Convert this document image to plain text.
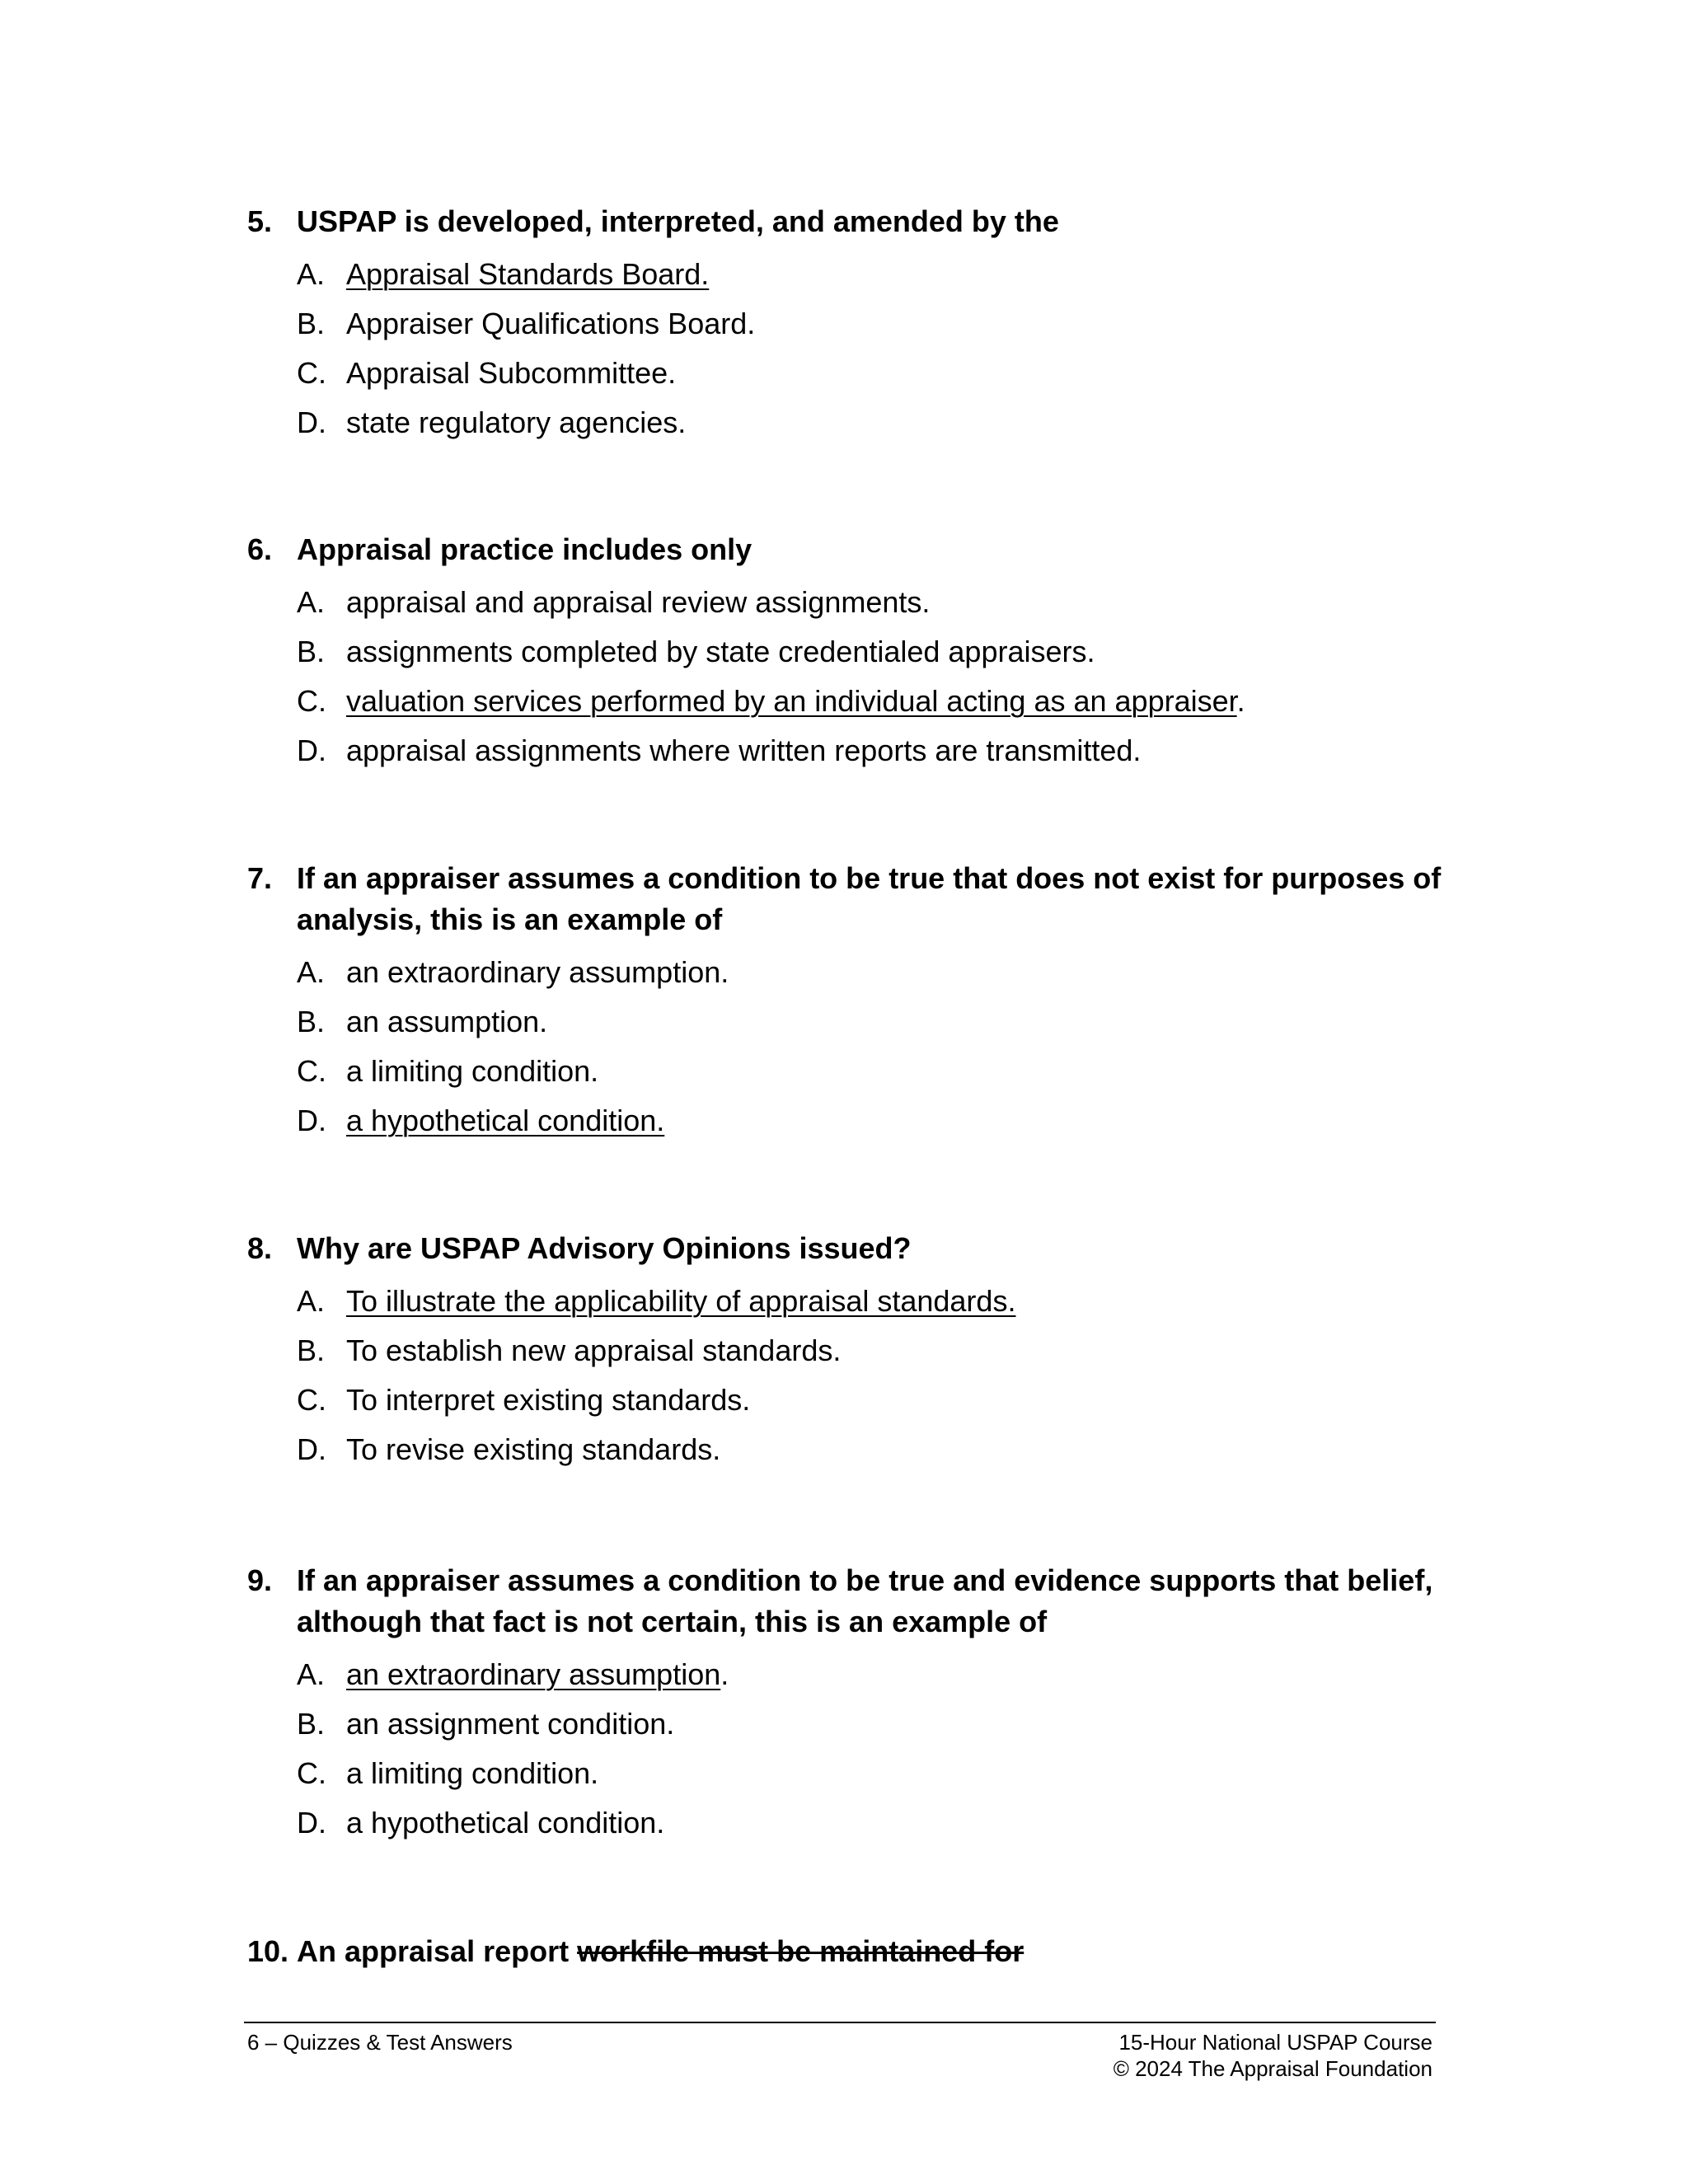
5. USPAP is developed, interpreted, and amended by the
A. Appraisal Standards Board.
B. Appraiser Qualifications Board.
C. Appraisal Subcommittee.
D. state regulatory agencies.
6. Appraisal practice includes only
A. appraisal and appraisal review assignments.
B. assignments completed by state credentialed appraisers.
C. valuation services performed by an individual acting as an appraiser.
D. appraisal assignments where written reports are transmitted.
7. If an appraiser assumes a condition to be true that does not exist for purposes of analysis, this is an example of
A. an extraordinary assumption.
B. an assumption.
C. a limiting condition.
D. a hypothetical condition.
8. Why are USPAP Advisory Opinions issued?
A. To illustrate the applicability of appraisal standards.
B. To establish new appraisal standards.
C. To interpret existing standards.
D. To revise existing standards.
9. If an appraiser assumes a condition to be true and evidence supports that belief, although that fact is not certain, this is an example of
A. an extraordinary assumption.
B. an assignment condition.
C. a limiting condition.
D. a hypothetical condition.
10. An appraisal report workfile must be maintained for
6 – Quizzes & Test Answers	15-Hour National USPAP Course
© 2024 The Appraisal Foundation
